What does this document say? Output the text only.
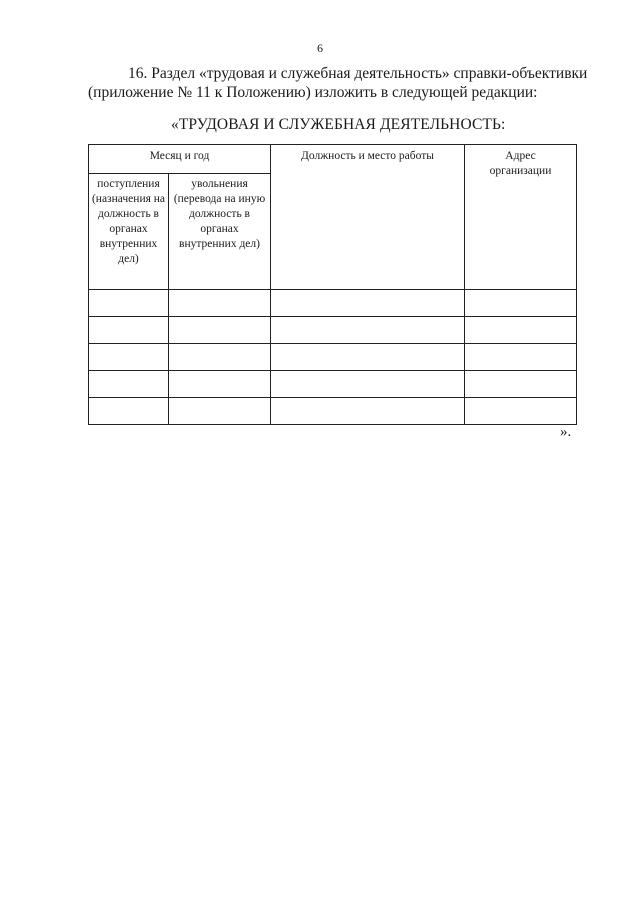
6
16. Раздел «трудовая и служебная деятельность» справки-объективки
(приложение № 11 к Положению) изложить в следующей редакции:
«ТРУДОВАЯ И СЛУЖЕБНАЯ ДЕЯТЕЛЬНОСТЬ:
Месяц и год		Должность и место работы	Адрес организации

поступления (назначения на должность в органах внутренних дел)	увольнения (перевода на иную должность в органах внутренних дел)		

».
